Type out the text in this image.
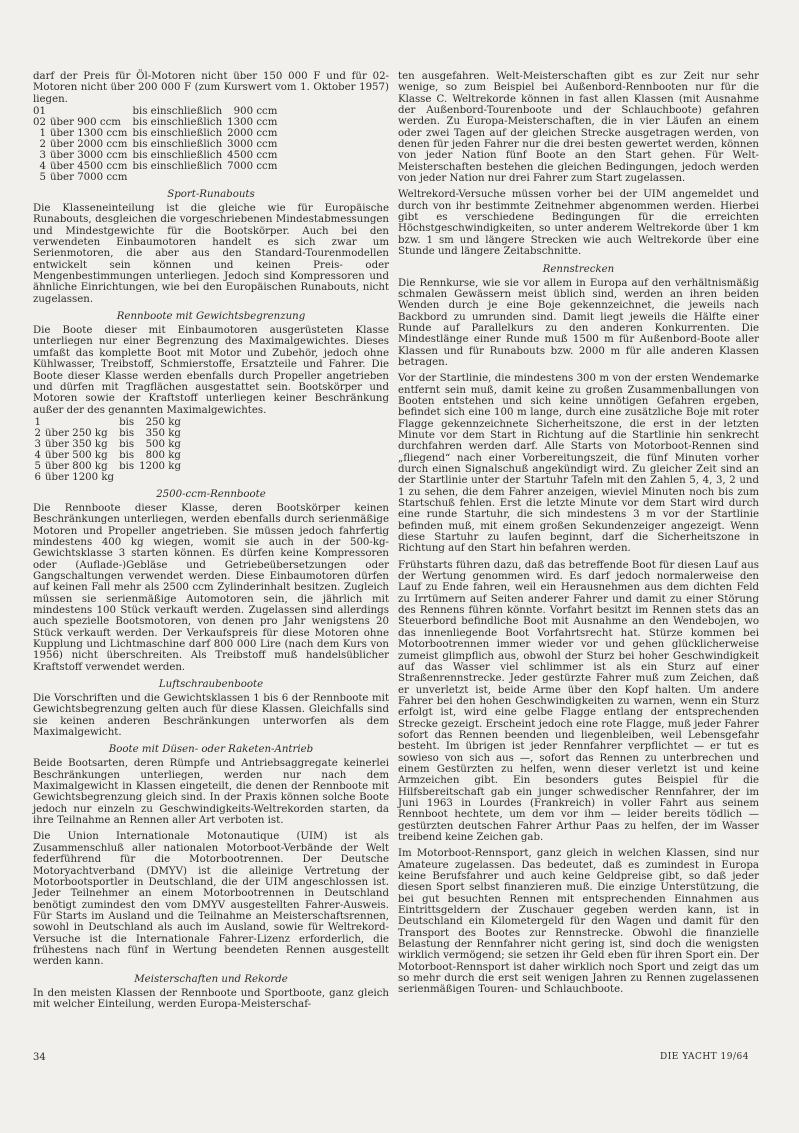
darf der Preis für Öl-Motoren nicht über 150 000 F und für 02-Motoren nicht über 200 000 F (zum Kurswert vom 1. Oktober 1957) liegen.

01		bis einschließlich	900 ccm
02	über 900 ccm	bis einschließlich	1300 ccm
1	über 1300 ccm	bis einschließlich	2000 ccm
2	über 2000 ccm	bis einschließlich	3000 ccm
3	über 3000 ccm	bis einschließlich	4500 ccm
4	über 4500 ccm	bis einschließlich	7000 ccm
5	über 7000 ccm		
Sport-Runabouts

Die Klasseneinteilung ist die gleiche wie für Europäische Runabouts, desgleichen die vorgeschriebenen Mindestabmessungen und Mindestgewichte für die Bootskörper. Auch bei den verwendeten Einbaumotoren handelt es sich zwar um Serienmotoren, die aber aus den Standard-Tourenmodellen entwickelt sein können und keinen Preis- oder Mengenbestimmungen unterliegen. Jedoch sind Kompressoren und ähnliche Einrichtungen, wie bei den Europäischen Runabouts, nicht zugelassen.

Rennboote mit Gewichtsbegrenzung

Die Boote dieser mit Einbaumotoren ausgerüsteten Klasse unterliegen nur einer Begrenzung des Maximalgewichtes. Dieses umfaßt das komplette Boot mit Motor und Zubehör, jedoch ohne Kühlwasser, Treibstoff, Schmierstoffe, Ersatzteile und Fahrer. Die Boote dieser Klasse werden ebenfalls durch Propeller angetrieben und dürfen mit Tragflächen ausgestattet sein. Bootskörper und Motoren sowie der Kraftstoff unterliegen keiner Beschränkung außer der des genannten Maximalgewichtes.

1		bis	250 kg
2	über 250 kg	bis	350 kg
3	über 350 kg	bis	500 kg
4	über 500 kg	bis	800 kg
5	über 800 kg	bis	1200 kg
6	über 1200 kg		
2500-ccm-Rennboote

Die Rennboote dieser Klasse, deren Bootskörper keinen Beschränkungen unterliegen, werden ebenfalls durch serienmäßige Motoren und Propeller angetrieben. Sie müssen jedoch fahrfertig mindestens 400 kg wiegen, womit sie auch in der 500-kg-Gewichtsklasse 3 starten können. Es dürfen keine Kompressoren oder (Auflade-)Gebläse und Getriebeübersetzungen oder Gangschaltungen verwendet werden. Diese Einbaumotoren dürfen auf keinen Fall mehr als 2500 ccm Zylinderinhalt besitzen. Zugleich müssen sie serienmäßige Automotoren sein, die jährlich mit mindestens 100 Stück verkauft werden. Zugelassen sind allerdings auch spezielle Bootsmotoren, von denen pro Jahr wenigstens 20 Stück verkauft werden. Der Verkaufspreis für diese Motoren ohne Kupplung und Lichtmaschine darf 800 000 Lire (nach dem Kurs von 1956) nicht überschreiten. Als Treibstoff muß handelsüblicher Kraftstoff verwendet werden.

Luftschraubenboote

Die Vorschriften und die Gewichtsklassen 1 bis 6 der Rennboote mit Gewichtsbegrenzung gelten auch für diese Klassen. Gleichfalls sind sie keinen anderen Beschränkungen unterworfen als dem Maximalgewicht.

Boote mit Düsen- oder Raketen-Antrieb

Beide Bootsarten, deren Rümpfe und Antriebsaggregate keinerlei Beschränkungen unterliegen, werden nur nach dem Maximalgewicht in Klassen eingeteilt, die denen der Rennboote mit Gewichtsbegrenzung gleich sind. In der Praxis können solche Boote jedoch nur einzeln zu Geschwindigkeits-Weltrekorden starten, da ihre Teilnahme an Rennen aller Art verboten ist.

Die Union Internationale Motonautique (UIM) ist als Zusammenschluß aller nationalen Motorboot-Verbände der Welt federführend für die Motorbootrennen. Der Deutsche Motoryachtverband (DMYV) ist die alleinige Vertretung der Motorbootsportler in Deutschland, die der UIM angeschlossen ist. Jeder Teilnehmer an einem Motorbootrennen in Deutschland benötigt zumindest den vom DMYV ausgestellten Fahrer-Ausweis. Für Starts im Ausland und die Teilnahme an Meisterschaftsrennen, sowohl in Deutschland als auch im Ausland, sowie für Weltrekord-Versuche ist die Internationale Fahrer-Lizenz erforderlich, die frühestens nach fünf in Wertung beendeten Rennen ausgestellt werden kann.

Meisterschaften und Rekorde

In den meisten Klassen der Rennboote und Sportboote, ganz gleich mit welcher Einteilung, werden Europa-Meisterschaf-

ten ausgefahren. Welt-Meisterschaften gibt es zur Zeit nur sehr wenige, so zum Beispiel bei Außenbord-Rennbooten nur für die Klasse C. Weltrekorde können in fast allen Klassen (mit Ausnahme der Außenbord-Tourenboote und der Schlauchboote) gefahren werden. Zu Europa-Meisterschaften, die in vier Läufen an einem oder zwei Tagen auf der gleichen Strecke ausgetragen werden, von denen für jeden Fahrer nur die drei besten gewertet werden, können von jeder Nation fünf Boote an den Start gehen. Für Welt-Meisterschaften bestehen die gleichen Bedingungen, jedoch werden von jeder Nation nur drei Fahrer zum Start zugelassen.

Weltrekord-Versuche müssen vorher bei der UIM angemeldet und durch von ihr bestimmte Zeitnehmer abgenommen werden. Hierbei gibt es verschiedene Bedingungen für die erreichten Höchstgeschwindigkeiten, so unter anderem Weltrekorde über 1 km bzw. 1 sm und längere Strecken wie auch Weltrekorde über eine Stunde und längere Zeitabschnitte.

Rennstrecken

Die Rennkurse, wie sie vor allem in Europa auf den verhältnismäßig schmalen Gewässern meist üblich sind, werden an ihren beiden Wenden durch je eine Boje gekennzeichnet, die jeweils nach Backbord zu umrunden sind. Damit liegt jeweils die Hälfte einer Runde auf Parallelkurs zu den anderen Konkurrenten. Die Mindestlänge einer Runde muß 1500 m für Außenbord-Boote aller Klassen und für Runabouts bzw. 2000 m für alle anderen Klassen betragen.

Vor der Startlinie, die mindestens 300 m von der ersten Wendemarke entfernt sein muß, damit keine zu großen Zusammenballungen von Booten entstehen und sich keine unnötigen Gefahren ergeben, befindet sich eine 100 m lange, durch eine zusätzliche Boje mit roter Flagge gekennzeichnete Sicherheitszone, die erst in der letzten Minute vor dem Start in Richtung auf die Startlinie hin senkrecht durchfahren werden darf. Alle Starts von Motorboot-Rennen sind „fliegend“ nach einer Vorbereitungszeit, die fünf Minuten vorher durch einen Signalschuß angekündigt wird. Zu gleicher Zeit sind an der Startlinie unter der Startuhr Tafeln mit den Zahlen 5, 4, 3, 2 und 1 zu sehen, die dem Fahrer anzeigen, wieviel Minuten noch bis zum Startschuß fehlen. Erst die letzte Minute vor dem Start wird durch eine runde Startuhr, die sich mindestens 3 m vor der Startlinie befinden muß, mit einem großen Sekundenzeiger angezeigt. Wenn diese Startuhr zu laufen beginnt, darf die Sicherheitszone in Richtung auf den Start hin befahren werden.

Frühstarts führen dazu, daß das betreffende Boot für diesen Lauf aus der Wertung genommen wird. Es darf jedoch normalerweise den Lauf zu Ende fahren, weil ein Herausnehmen aus dem dichten Feld zu Irrtümern auf Seiten anderer Fahrer und damit zu einer Störung des Rennens führen könnte. Vorfahrt besitzt im Rennen stets das an Steuerbord befindliche Boot mit Ausnahme an den Wendebojen, wo das innenliegende Boot Vorfahrtsrecht hat. Stürze kommen bei Motorbootrennen immer wieder vor und gehen glücklicherweise zumeist glimpflich aus, obwohl der Sturz bei hoher Geschwindigkeit auf das Wasser viel schlimmer ist als ein Sturz auf einer Straßenrennstrecke. Jeder gestürzte Fahrer muß zum Zeichen, daß er unverletzt ist, beide Arme über den Kopf halten. Um andere Fahrer bei den hohen Geschwindigkeiten zu warnen, wenn ein Sturz erfolgt ist, wird eine gelbe Flagge entlang der entsprechenden Strecke gezeigt. Erscheint jedoch eine rote Flagge, muß jeder Fahrer sofort das Rennen beenden und liegenbleiben, weil Lebensgefahr besteht. Im übrigen ist jeder Rennfahrer verpflichtet — er tut es sowieso von sich aus —, sofort das Rennen zu unterbrechen und einem Gestürzten zu helfen, wenn dieser verletzt ist und keine Armzeichen gibt. Ein besonders gutes Beispiel für die Hilfsbereitschaft gab ein junger schwedischer Rennfahrer, der im Juni 1963 in Lourdes (Frankreich) in voller Fahrt aus seinem Rennboot hechtete, um dem vor ihm — leider bereits tödlich — gestürzten deutschen Fahrer Arthur Paas zu helfen, der im Wasser treibend keine Zeichen gab.

Im Motorboot-Rennsport, ganz gleich in welchen Klassen, sind nur Amateure zugelassen. Das bedeutet, daß es zumindest in Europa keine Berufsfahrer und auch keine Geldpreise gibt, so daß jeder diesen Sport selbst finanzieren muß. Die einzige Unterstützung, die bei gut besuchten Rennen mit entsprechenden Einnahmen aus Eintrittsgeldern der Zuschauer gegeben werden kann, ist in Deutschland ein Kilometergeld für den Wagen und damit für den Transport des Bootes zur Rennstrecke. Obwohl die finanzielle Belastung der Rennfahrer nicht gering ist, sind doch die wenigsten wirklich vermögend; sie setzen ihr Geld eben für ihren Sport ein. Der Motorboot-Rennsport ist daher wirklich noch Sport und zeigt das um so mehr durch die erst seit wenigen Jahren zu Rennen zugelassenen serienmäßigen Touren- und Schlauchboote.

34	DIE YACHT 19/64
